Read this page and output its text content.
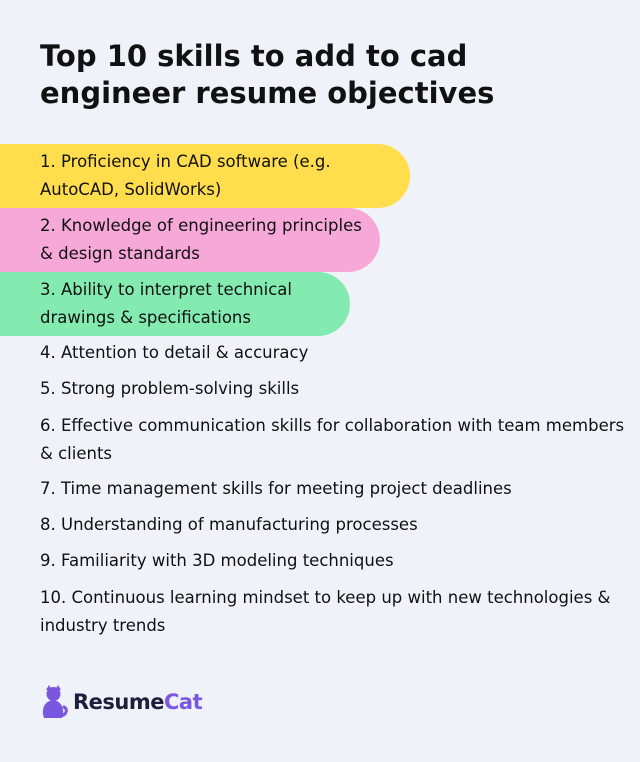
Top 10 skills to add to cad engineer resume objectives
1. Proficiency in CAD software (e.g. AutoCAD, SolidWorks)
2. Knowledge of engineering principles & design standards
3. Ability to interpret technical drawings & specifications
4. Attention to detail & accuracy
5. Strong problem-solving skills
6. Effective communication skills for collaboration with team members & clients
7. Time management skills for meeting project deadlines
8. Understanding of manufacturing processes
9. Familiarity with 3D modeling techniques
10. Continuous learning mindset to keep up with new technologies & industry trends
ResumeCat
